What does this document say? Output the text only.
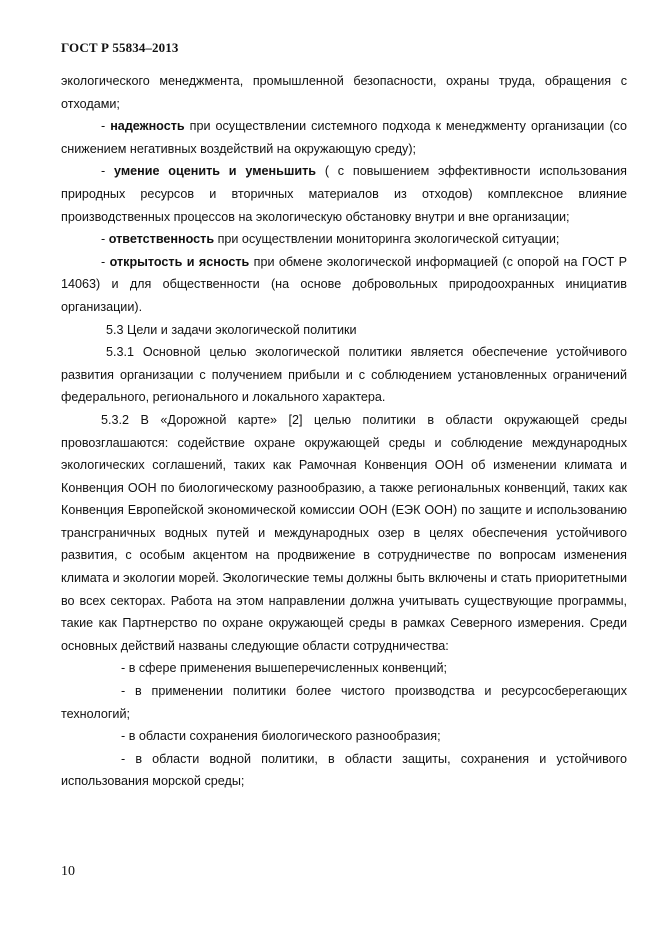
ГОСТ Р 55834–2013

экологического менеджмента, промышленной безопасности, охраны труда, обращения с отходами;

- надежность при осуществлении системного подхода к менеджменту организации (со снижением негативных воздействий на окружающую среду);

- умение оценить и уменьшить ( с повышением эффективности использования природных ресурсов и вторичных материалов из отходов) комплексное влияние производственных процессов на экологическую обстановку внутри и вне организации;

- ответственность при осуществлении мониторинга экологической ситуации;

- открытость и ясность при обмене экологической информацией (с опорой на ГОСТ Р 14063) и для общественности (на основе добровольных природоохранных инициатив организации).

5.3 Цели и задачи экологической политики

5.3.1 Основной целью экологической политики является обеспечение устойчивого развития организации с получением прибыли и с соблюдением установленных ограничений федерального, регионального и локального характера.

5.3.2 В «Дорожной карте» [2] целью политики в области окружающей среды провозглашаются: содействие охране окружающей среды и соблюдение международных экологических соглашений, таких как Рамочная Конвенция ООН об изменении климата и Конвенция ООН по биологическому разнообразию, а также региональных конвенций, таких как Конвенция Европейской экономической комиссии ООН (ЕЭК ООН) по защите и использованию трансграничных водных путей и международных озер в целях обеспечения устойчивого развития, с особым акцентом на продвижение в сотрудничестве по вопросам изменения климата и экологии морей. Экологические темы должны быть включены и стать приоритетными во всех секторах. Работа на этом направлении должна учитывать существующие программы, такие как Партнерство по охране окружающей среды в рамках Северного измерения. Среди основных действий названы следующие области сотрудничества:

- в сфере применения вышеперечисленных конвенций;

- в применении политики более чистого производства и ресурсосберегающих технологий;

- в области сохранения биологического разнообразия;

- в области водной политики, в области защиты, сохранения и устойчивого использования морской среды;

10
